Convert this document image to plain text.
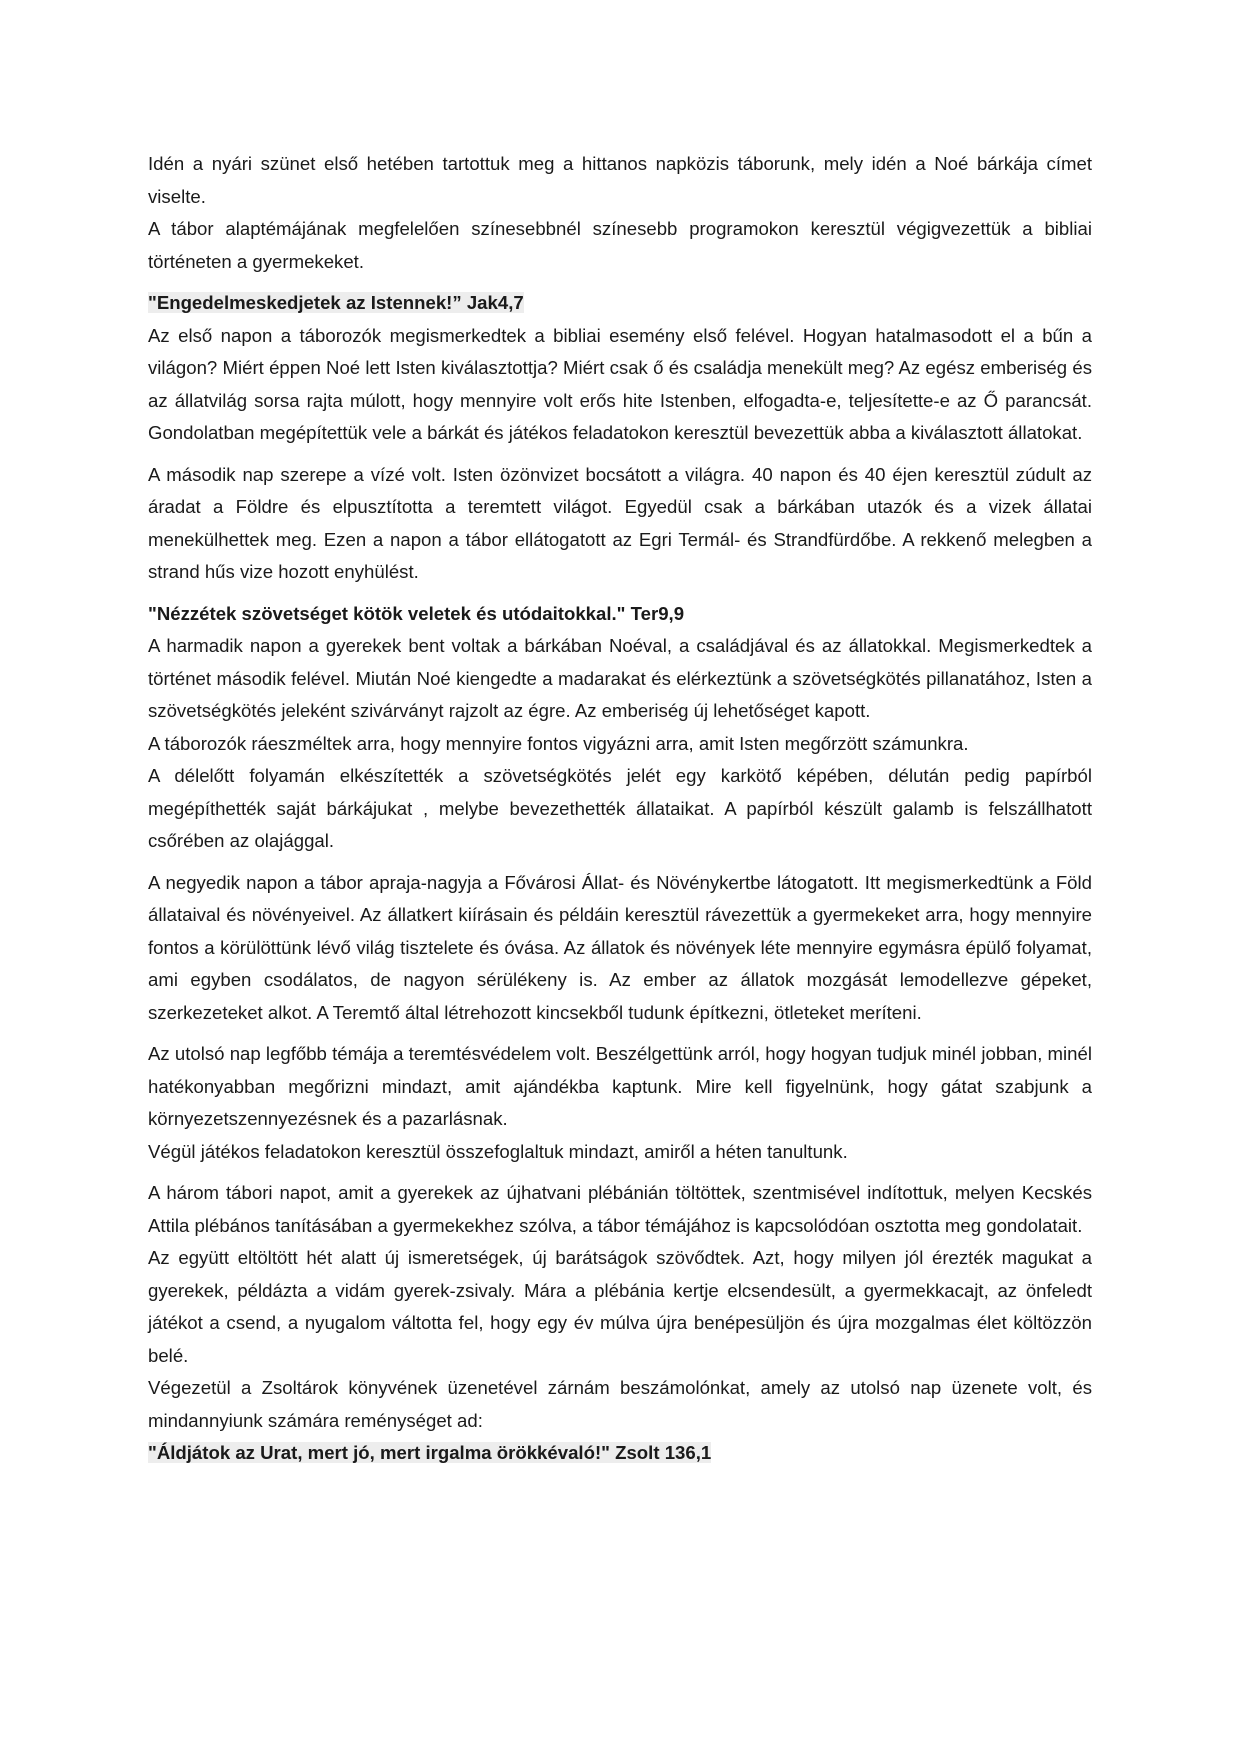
Idén a nyári szünet első hetében tartottuk meg a hittanos napközis táborunk, mely idén a Noé bárkája címet viselte.

A tábor alaptémájának megfelelően színesebbnél színesebb programokon keresztül végigvezettük a bibliai történeten a gyermekeket.

"Engedelmeskedjetek az Istennek!” Jak4,7

Az első napon a táborozók megismerkedtek a bibliai esemény első felével. Hogyan hatalmasodott el a bűn a világon? Miért éppen Noé lett Isten kiválasztottja? Miért csak ő és családja menekült meg? Az egész emberiség és az állatvilág sorsa rajta múlott, hogy mennyire volt erős hite Istenben, elfogadta-e, teljesítette-e az Ő parancsát. Gondolatban megépítettük vele a bárkát és játékos feladatokon keresztül bevezettük abba a kiválasztott állatokat.

A második nap szerepe a vízé volt. Isten özönvizet bocsátott a világra. 40 napon és 40 éjen keresztül zúdult az áradat a Földre és elpusztította a teremtett világot. Egyedül csak a bárkában utazók és a vizek állatai menekülhettek meg. Ezen a napon a tábor ellátogatott az Egri Termál- és Strandfürdőbe. A rekkenő melegben a strand hűs vize hozott enyhülést.

"Nézzétek szövetséget kötök veletek és utódaitokkal." Ter9,9

A harmadik napon a gyerekek bent voltak a bárkában Noéval, a családjával és az állatokkal. Megismerkedtek a történet második felével. Miután Noé kiengedte a madarakat és elérkeztünk a szövetségkötés pillanatához, Isten a szövetségkötés jeleként szivárványt rajzolt az égre. Az emberiség új lehetőséget kapott.

A táborozók ráeszméltek arra, hogy mennyire fontos vigyázni arra, amit Isten megőrzött számunkra.

A délelőtt folyamán elkészítették a szövetségkötés jelét egy karkötő képében, délután pedig papírból megépíthették saját bárkájukat , melybe bevezethették állataikat. A papírból készült galamb is felszállhatott csőrében az olajággal.

A negyedik napon a tábor apraja-nagyja a Fővárosi Állat- és Növénykertbe látogatott. Itt megismerkedtünk a Föld állataival és növényeivel. Az állatkert kiírásain és példáin keresztül rávezettük a gyermekeket arra, hogy mennyire fontos a körülöttünk lévő világ tisztelete és óvása. Az állatok és növények léte mennyire egymásra épülő folyamat, ami egyben csodálatos, de nagyon sérülékeny is. Az ember az állatok mozgását lemodellezve gépeket, szerkezeteket alkot. A Teremtő által létrehozott kincsekből tudunk építkezni, ötleteket meríteni.

Az utolsó nap legfőbb témája a teremtésvédelem volt. Beszélgettünk arról, hogy hogyan tudjuk minél jobban, minél hatékonyabban megőrizni mindazt, amit ajándékba kaptunk. Mire kell figyelnünk, hogy gátat szabjunk a környezetszennyezésnek és a pazarlásnak.

Végül játékos feladatokon keresztül összefoglaltuk mindazt, amiről a héten tanultunk.

A három tábori napot, amit a gyerekek az újhatvani plébánián töltöttek, szentmisével indítottuk, melyen Kecskés Attila plébános tanításában a gyermekekhez szólva, a tábor témájához is kapcsolódóan osztotta meg gondolatait.

Az együtt eltöltött hét alatt új ismeretségek, új barátságok szövődtek. Azt, hogy milyen jól érezték magukat a gyerekek, példázta a vidám gyerek-zsivaly. Mára a plébánia kertje elcsendesült, a gyermekkacajt, az önfeledt játékot a csend, a nyugalom váltotta fel, hogy egy év múlva újra benépesüljön és újra mozgalmas élet költözzön belé.

Végezetül a Zsoltárok könyvének üzenetével zárnám beszámolónkat, amely az utolsó nap üzenete volt, és mindannyiunk számára reménységet ad:

"Áldjátok az Urat, mert jó, mert irgalma örökkévaló!" Zsolt 136,1
